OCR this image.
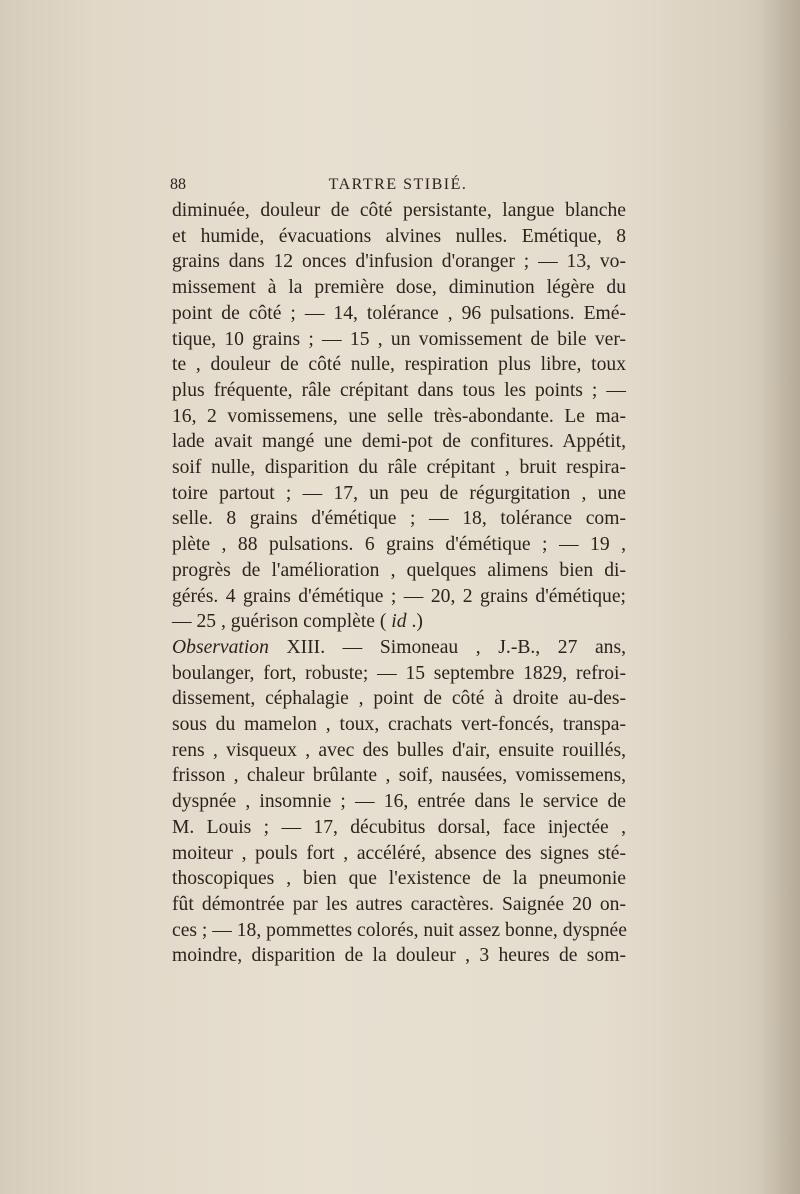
88	TARTRE STIBIÉ.
diminuée, douleur de côté persistante, langue blanche
et humide, évacuations alvines nulles. Emétique, 8
grains dans 12 onces d'infusion d'oranger ; — 13, vo-
missement à la première dose, diminution légère du
point de côté ; — 14, tolérance , 96 pulsations. Emé-
tique, 10 grains ; — 15 , un vomissement de bile ver-
te , douleur de côté nulle, respiration plus libre, toux
plus fréquente, râle crépitant dans tous les points ; —
16, 2 vomissemens, une selle très-abondante. Le ma-
lade avait mangé une demi-pot de confitures. Appétit,
soif nulle, disparition du râle crépitant , bruit respira-
toire partout ; — 17, un peu de régurgitation , une
selle. 8 grains d'émétique ; — 18, tolérance com-
plète , 88 pulsations. 6 grains d'émétique ; — 19 ,
progrès de l'amélioration , quelques alimens bien di-
gérés. 4 grains d'émétique ; — 20, 2 grains d'émétique;
— 25 , guérison complète ( id .)
Observation XIII. — Simoneau , J.-B., 27 ans,
boulanger, fort, robuste; — 15 septembre 1829, refroi-
dissement, céphalagie , point de côté à droite au-des-
sous du mamelon , toux, crachats vert-foncés, transpa-
rens , visqueux , avec des bulles d'air, ensuite rouillés,
frisson , chaleur brûlante , soif, nausées, vomissemens,
dyspnée , insomnie ; — 16, entrée dans le service de
M. Louis ; — 17, décubitus dorsal, face injectée ,
moiteur , pouls fort , accéléré, absence des signes sté-
thoscopiques , bien que l'existence de la pneumonie
fût démontrée par les autres caractères. Saignée 20 on-
ces ; — 18, pommettes colorés, nuit assez bonne, dyspnée
moindre, disparition de la douleur , 3 heures de som-
